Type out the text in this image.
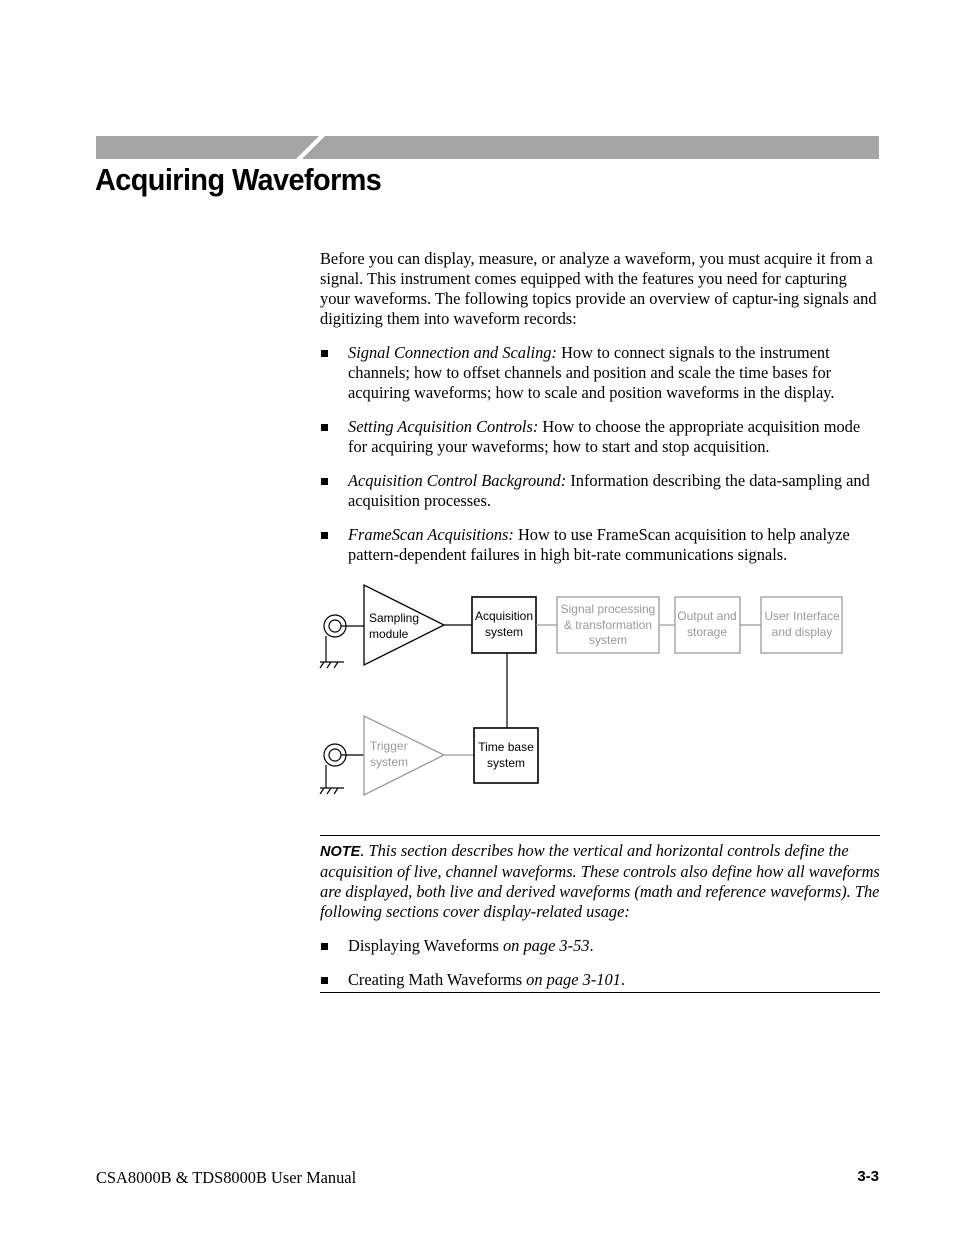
Acquiring Waveforms

Before you can display, measure, or analyze a waveform, you must acquire it from a signal. This instrument comes equipped with the features you need for capturing your waveforms. The following topics provide an overview of captur-ing signals and digitizing them into waveform records:

Signal Connection and Scaling: How to connect signals to the instrument channels; how to offset channels and position and scale the time bases for acquiring waveforms; how to scale and position waveforms in the display.
Setting Acquisition Controls: How to choose the appropriate acquisition mode for acquiring your waveforms; how to start and stop acquisition.
Acquisition Control Background: Information describing the data-sampling and acquisition processes.
FrameScan Acquisitions: How to use FrameScan acquisition to help analyze pattern-dependent failures in high bit-rate communications signals.
Sampling
module
Acquisition
system
Signal processing
& transformation
system
Output and
storage
User Interface
and display
Trigger
system
Time base
system

NOTE. This section describes how the vertical and horizontal controls define the acquisition of live, channel waveforms. These controls also define how all waveforms are displayed, both live and derived waveforms (math and reference waveforms). The following sections cover display-related usage:

Displaying Waveforms on page 3-53.
Creating Math Waveforms on page 3-101.
CSA8000B & TDS8000B User Manual	3-3
